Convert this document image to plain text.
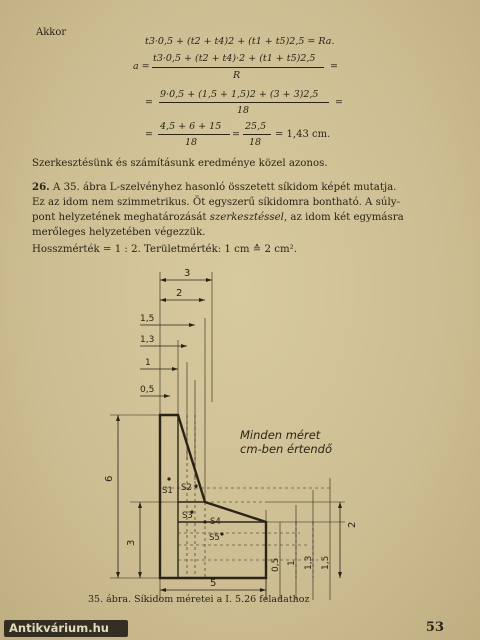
Akkor
t3·0,5 + (t2 + t4)2 + (t1 + t5)2,5 = Ra.
a =
t3·0,5 + (t2 + t4)·2 + (t1 + t5)2,5
R
=
=
9·0,5 + (1,5 + 1,5)2 + (3 + 3)2,5
18
=
=
4,5 + 6 + 15
18
=
25,5
18
= 1,43 cm.
Szerkesztésünk és számításunk eredménye közel azonos.
26. A 35. ábra L-szelvényhez hasonló összetett síkidom képét mutatja.
Ez az idom nem szimmetrikus. Öt egyszerű síkidomra bontható. A súly-
pont helyzetének meghatározását szerkesztéssel, az idom két egymásra
merőleges helyzetében végezzük.
Hosszmérték = 1 : 2. Területmérték: 1 cm ≙ 2 cm².
3
2
1,5
1,3
1
0,5
6
3
2
0,5 1 1,3 1,5
5
S1 S2
S3
S4
S5
Minden méret
cm-ben értendő
35. ábra. Síkidom méretei a I. 5.26 feladathoz
53
Antikvárium.hu
